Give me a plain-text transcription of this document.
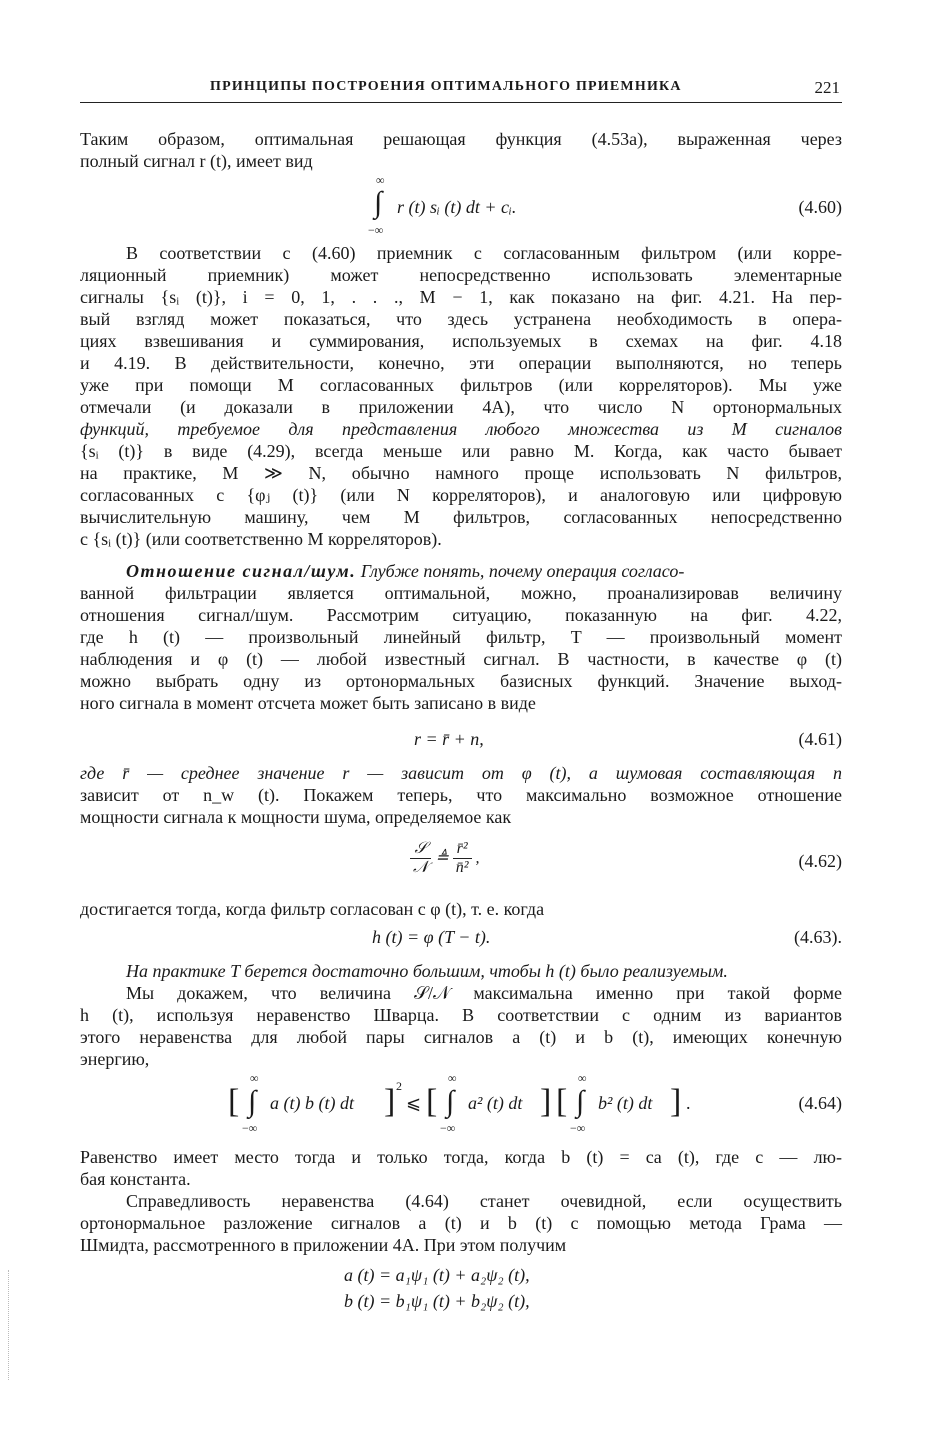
ПРИНЦИПЫ ПОСТРОЕНИЯ ОПТИМАЛЬНОГО ПРИЕМНИКА	221
Таким образом, оптимальная решающая функция (4.53а), выраженная через
полный сигнал r (t), имеет вид
∞
∫
−∞
r (t) sᵢ (t) dt + cᵢ.	(4.60)
В соответствии с (4.60) приемник с согласованным фильтром (или корре-
ляционный приемник) может непосредственно использовать элементарные
сигналы {sᵢ (t)}, i = 0, 1, . . ., M − 1, как показано на фиг. 4.21. На пер-
вый взгляд может показаться, что здесь устранена необходимость в опера-
циях взвешивания и суммирования, используемых в схемах на фиг. 4.18
и 4.19. В действительности, конечно, эти операции выполняются, но теперь
уже при помощи M согласованных фильтров (или корреляторов). Мы уже
отмечали (и доказали в приложении 4А), что число N ортонормальных
функций, требуемое для представления любого множества из M сигналов
{sᵢ (t)} в виде (4.29), всегда меньше или равно M. Когда, как часто бывает
на практике, M ≫ N, обычно намного проще использовать N фильтров,
согласованных с {φⱼ (t)} (или N корреляторов), и аналоговую или цифровую
вычислительную машину, чем M фильтров, согласованных непосредственно
с {sᵢ (t)} (или соответственно M корреляторов).
Отношение сигнал/шум. Глубже понять, почему операция согласо-
ванной фильтрации является оптимальной, можно, проанализировав величину
отношения сигнал/шум. Рассмотрим ситуацию, показанную на фиг. 4.22,
где h (t) — произвольный линейный фильтр, T — произвольный момент
наблюдения и φ (t) — любой известный сигнал. В частности, в качестве φ (t)
можно выбрать одну из ортонормальных базисных функций. Значение выход-
ного сигнала в момент отсчета может быть записано в виде
r = r̄ + n,	(4.61)
где r̄ — среднее значение r — зависит от φ (t), а шумовая составляющая n
зависит от n_w (t). Покажем теперь, что максимально возможное отношение
мощности сигнала к мощности шума, определяемое как
$\frac{\text{𝒮}}{\text{𝒩}}$ ≜ $\frac{\text{r̄²}}{\text{n̄²}}$ ,	(4.62)
достигается тогда, когда фильтр согласован с φ (t), т. е. когда
h (t) = φ (T − t).	(4.63).
На практике T берется достаточно большим, чтобы h (t) было реализуемым.
Мы докажем, что величина 𝒮/𝒩 максимальна именно при такой форме
h (t), используя неравенство Шварца. В соответствии с одним из вариантов
этого неравенства для любой пары сигналов a (t) и b (t), имеющих конечную
энергию,
[
∞
∫
−∞
a (t) b (t) dt ] 2
⩽ [
∞
∫
−∞
a² (t) dt ] [
∞
∫
−∞
b² (t) dt ] .	(4.64)
Равенство имеет место тогда и только тогда, когда b (t) = ca (t), где c — лю-
бая константа.
Справедливость неравенства (4.64) станет очевидной, если осуществить
ортонормальное разложение сигналов a (t) и b (t) с помощью метода Грама —
Шмидта, рассмотренного в приложении 4А. При этом получим
a (t) = a₁ψ₁ (t) + a₂ψ₂ (t),
b (t) = b₁ψ₁ (t) + b₂ψ₂ (t),
